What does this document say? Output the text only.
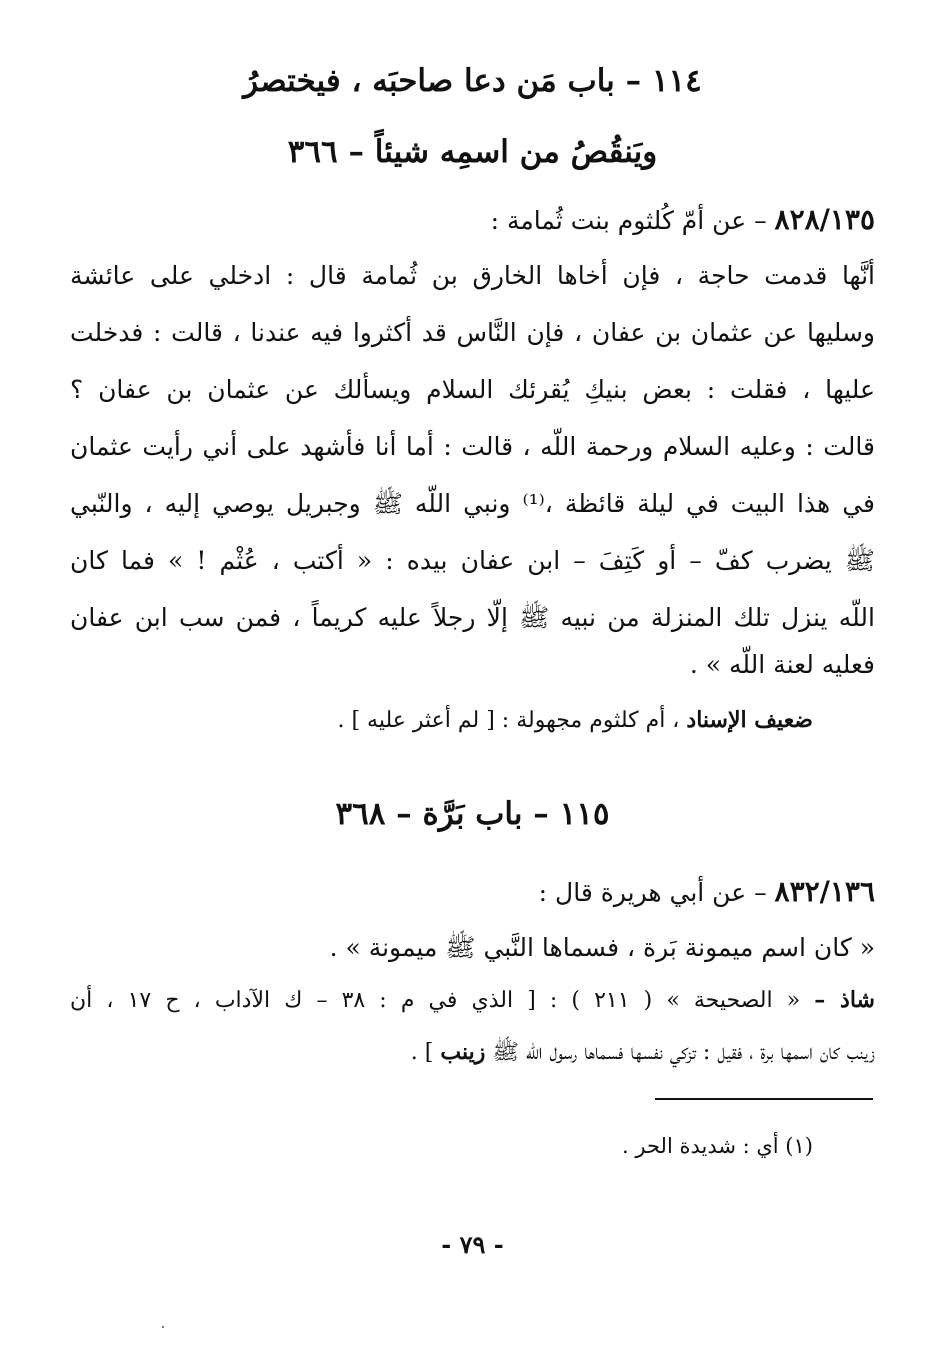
١١٤ – باب مَن دعا صاحبَه ، فيختصرُ
ويَنقُصُ من اسمِه شيئاً – ٣٦٦
٨٢٨/١٣٥ – عن أمّ كُلثوم بنت ثُمامة :
أنَّها قدمت حاجة ، فإن أخاها الخارق بن ثُمامة قال : ادخلي على عائشة
وسليها عن عثمان بن عفان ، فإن النَّاس قد أكثروا فيه عندنا ، قالت : فدخلت
عليها ، فقلت : بعض بنيكِ يُقرئك السلام ويسألك عن عثمان بن عفان ؟
قالت : وعليه السلام ورحمة اللّه ، قالت : أما أنا فأشهد على أني رأيت عثمان
في هذا البيت في ليلة قائظة ،⁽¹⁾ ونبي اللّه ﷺ وجبريل يوصي إليه ، والنّبي
ﷺ يضرب كفّ – أو كَتِفَ – ابن عفان بيده : « أكتب ، عُثْم ! » فما كان
اللّه ينزل تلك المنزلة من نبيه ﷺ إلّا رجلاً عليه كريماً ، فمن سب ابن عفان
فعليه لعنة اللّه » .
ضعيف الإسناد ، أم كلثوم مجهولة : [ لم أعثر عليه ] .
١١٥ – باب بَرَّة – ٣٦٨
٨٣٢/١٣٦ – عن أبي هريرة قال :
« كان اسم ميمونة بَرة ، فسماها النَّبي ﷺ ميمونة » .
شاذ – « الصحيحة » ( ٢١١ ) : [ الذي في م : ٣٨ – ك الآداب ، ح ١٧ ، أن
زينب كان اسمها برة ، فقيل : تزكي نفسها فسماها رسول اللّه ﷺ زينب ] .
(١) أي : شديدة الحر .
- ٧٩ -
